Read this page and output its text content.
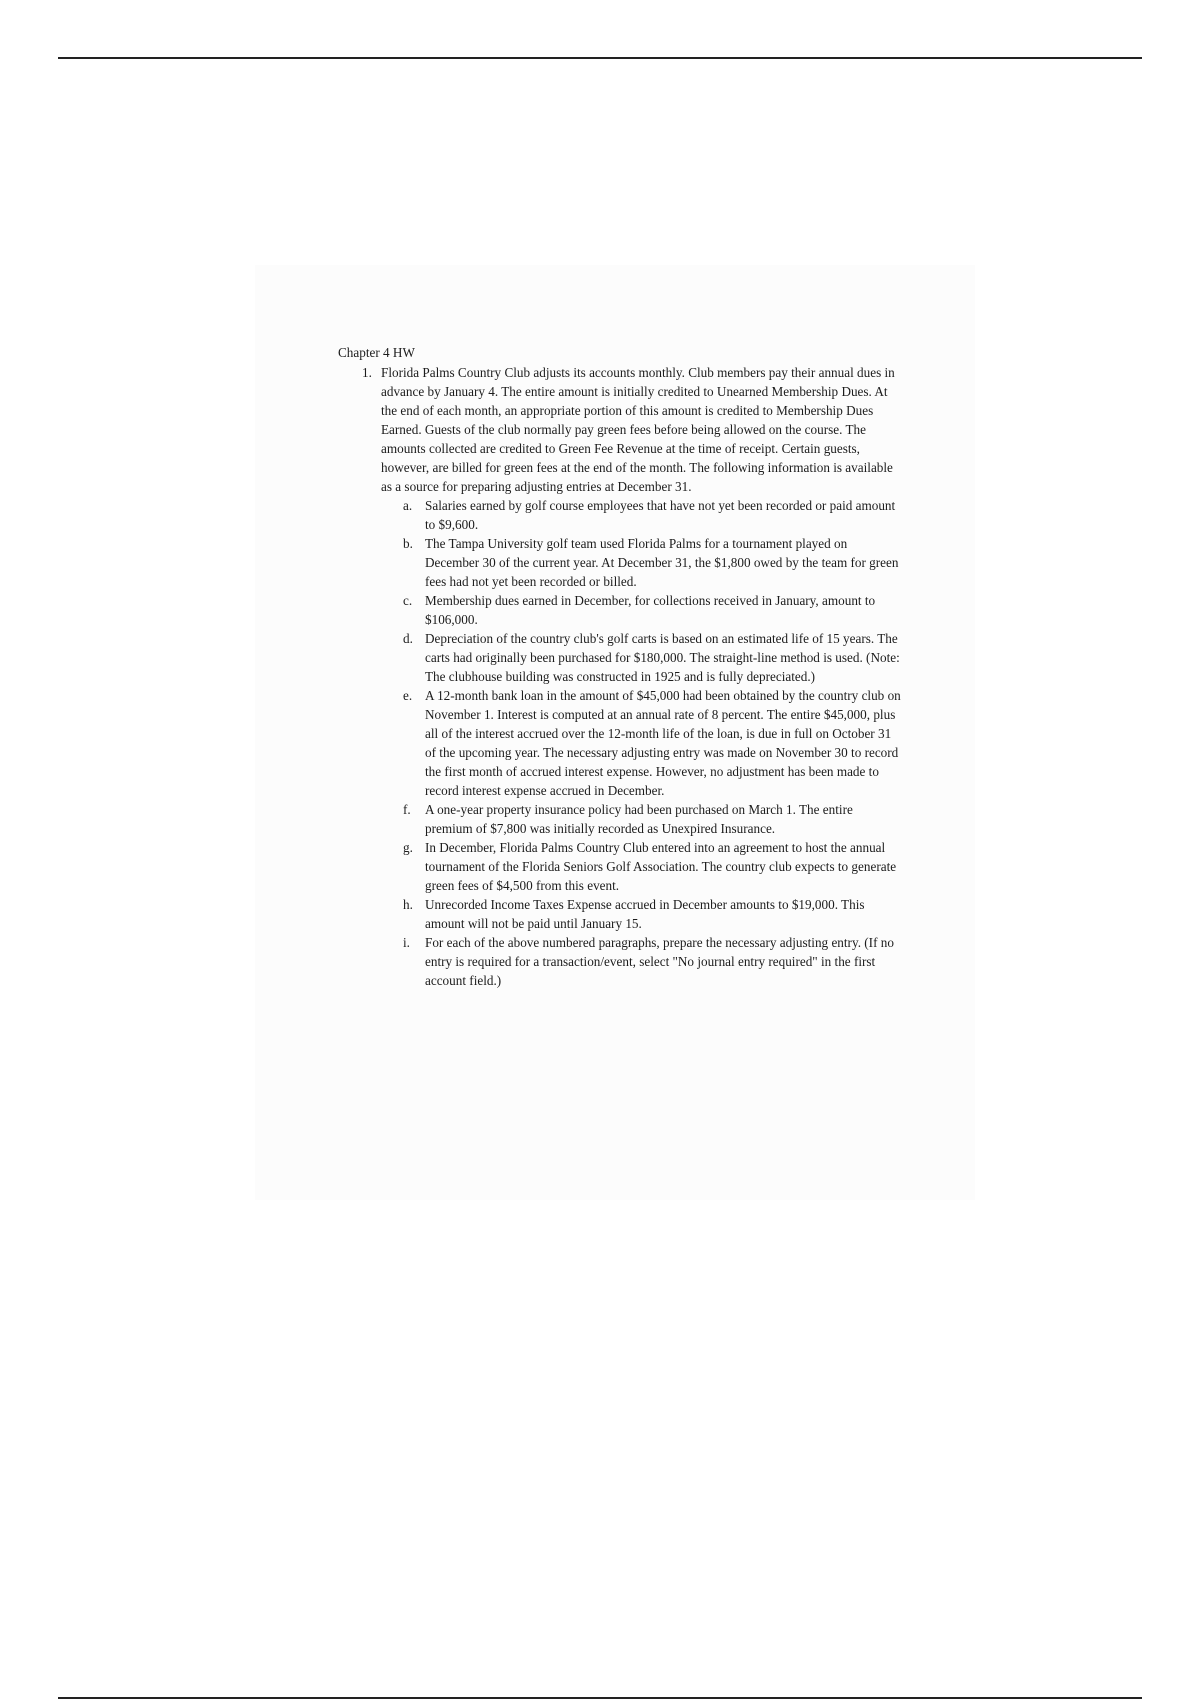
Chapter 4 HW
1. Florida Palms Country Club adjusts its accounts monthly. Club members pay their annual dues in advance by January 4. The entire amount is initially credited to Unearned Membership Dues. At the end of each month, an appropriate portion of this amount is credited to Membership Dues Earned. Guests of the club normally pay green fees before being allowed on the course. The amounts collected are credited to Green Fee Revenue at the time of receipt. Certain guests, however, are billed for green fees at the end of the month. The following information is available as a source for preparing adjusting entries at December 31.

a. Salaries earned by golf course employees that have not yet been recorded or paid amount to $9,600.
b. The Tampa University golf team used Florida Palms for a tournament played on December 30 of the current year. At December 31, the $1,800 owed by the team for green fees had not yet been recorded or billed.
c. Membership dues earned in December, for collections received in January, amount to $106,000.
d. Depreciation of the country club's golf carts is based on an estimated life of 15 years. The carts had originally been purchased for $180,000. The straight-line method is used. (Note: The clubhouse building was constructed in 1925 and is fully depreciated.)
e. A 12-month bank loan in the amount of $45,000 had been obtained by the country club on November 1. Interest is computed at an annual rate of 8 percent. The entire $45,000, plus all of the interest accrued over the 12-month life of the loan, is due in full on October 31 of the upcoming year. The necessary adjusting entry was made on November 30 to record the first month of accrued interest expense. However, no adjustment has been made to record interest expense accrued in December.
f.	A one-year property insurance policy had been purchased on March 1. The entire premium of $7,800 was initially recorded as Unexpired Insurance.
g. In December, Florida Palms Country Club entered into an agreement to host the annual tournament of the Florida Seniors Golf Association. The country club expects to generate green fees of $4,500 from this event.
h. Unrecorded Income Taxes Expense accrued in December amounts to $19,000. This amount will not be paid until January 15.
i.	For each of the above numbered paragraphs, prepare the necessary adjusting entry. (If no entry is required for a transaction/event, select "No journal entry required" in the first account field.)
